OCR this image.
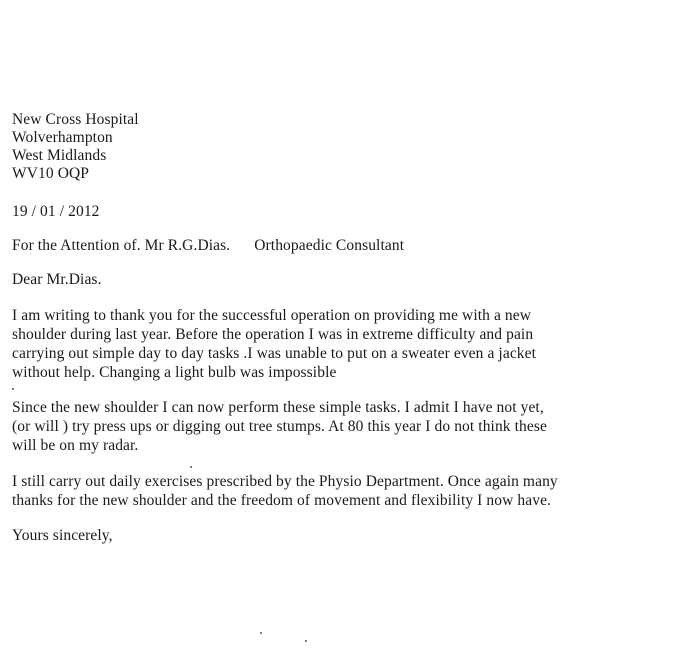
New Cross Hospital
Wolverhampton
West Midlands
WV10 OQP
19 / 01 / 2012
For the Attention of. Mr R.G.Dias. Orthopaedic Consultant
Dear Mr.Dias.
I am writing to thank you for the successful operation on providing me with a new
shoulder during last year. Before the operation I was in extreme difficulty and pain
carrying out simple day to day tasks .I was unable to put on a sweater even a jacket
without help. Changing a light bulb was impossible
Since the new shoulder I can now perform these simple tasks. I admit I have not yet,
(or will ) try press ups or digging out tree stumps. At 80 this year I do not think these
will be on my radar.
I still carry out daily exercises prescribed by the Physio Department. Once again many
thanks for the new shoulder and the freedom of movement and flexibility I now have.
Yours sincerely,
